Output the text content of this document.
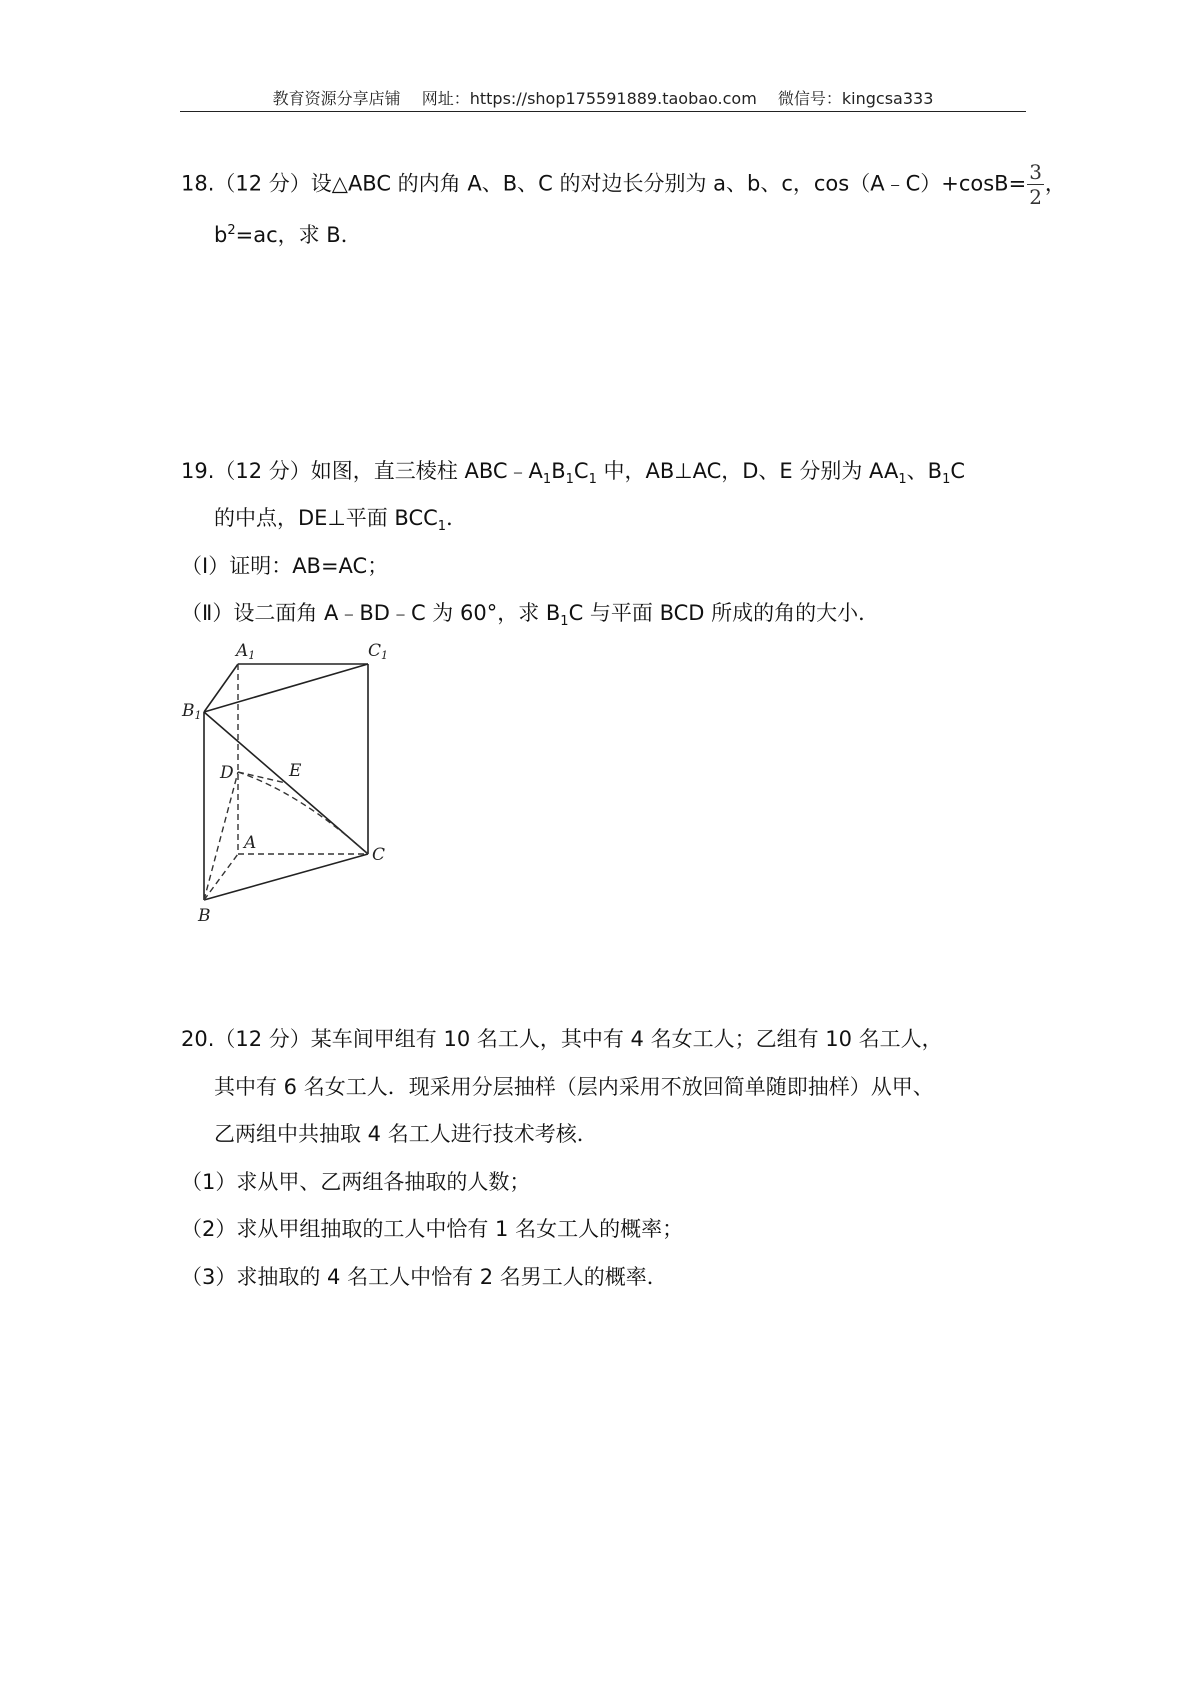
教育资源分享店铺 网址：https://shop175591889.taobao.com 微信号：kingcsa333
18.（12 分）设△ABC 的内角 A、B、C 的对边长分别为 a、b、c，cos（A﹣C）+cosB= $\frac{3}{2}$ ，
$b^2=ac$，求 B．
19.（12 分）如图，直三棱柱 $ABC﹣A_1B_1C_1$ 中，AB⊥AC，D、E 分别为 $AA_1$、$B_1C$
的中点，DE⊥平面 $BCC_1$．
（Ⅰ）证明：AB=AC；
（Ⅱ）设二面角 A﹣BD﹣C 为 60°，求 $B_1C$ 与平面 BCD 所成的角的大小．
A1	C1
B1
D	E
A
C
B
20.（12 分）某车间甲组有 10 名工人，其中有 4 名女工人；乙组有 10 名工人，
其中有 6 名女工人．现采用分层抽样（层内采用不放回简单随即抽样）从甲、
乙两组中共抽取 4 名工人进行技术考核．
（1）求从甲、乙两组各抽取的人数；
（2）求从甲组抽取的工人中恰有 1 名女工人的概率；
（3）求抽取的 4 名工人中恰有 2 名男工人的概率．
